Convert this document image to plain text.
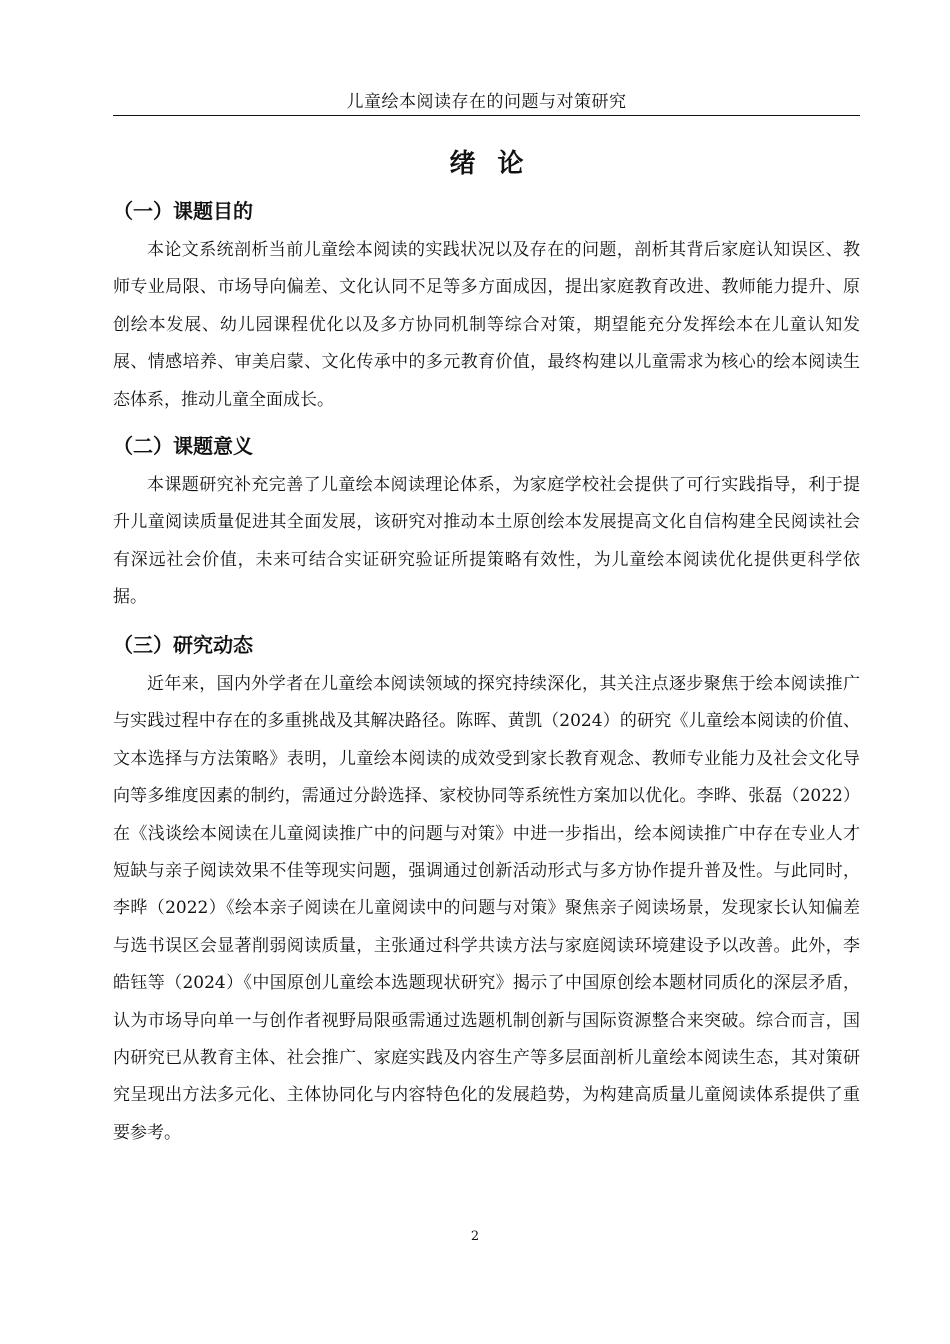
儿童绘本阅读存在的问题与对策研究
绪论
（一）课题目的

本论文系统剖析当前儿童绘本阅读的实践状况以及存在的问题，剖析其背后家庭认知误区、教师专业局限、市场导向偏差、文化认同不足等多方面成因，提出家庭教育改进、教师能力提升、原创绘本发展、幼儿园课程优化以及多方协同机制等综合对策，期望能充分发挥绘本在儿童认知发展、情感培养、审美启蒙、文化传承中的多元教育价值，最终构建以儿童需求为核心的绘本阅读生态体系，推动儿童全面成长。

（二）课题意义

本课题研究补充完善了儿童绘本阅读理论体系，为家庭学校社会提供了可行实践指导，利于提升儿童阅读质量促进其全面发展，该研究对推动本土原创绘本发展提高文化自信构建全民阅读社会有深远社会价值，未来可结合实证研究验证所提策略有效性，为儿童绘本阅读优化提供更科学依据。

（三）研究动态

近年来，国内外学者在儿童绘本阅读领域的探究持续深化，其关注点逐步聚焦于绘本阅读推广与实践过程中存在的多重挑战及其解决路径。陈晖、黄凯（2024）的研究《儿童绘本阅读的价值、文本选择与方法策略》表明，儿童绘本阅读的成效受到家长教育观念、教师专业能力及社会文化导向等多维度因素的制约，需通过分龄选择、家校协同等系统性方案加以优化。李晔、张磊（2022）在《浅谈绘本阅读在儿童阅读推广中的问题与对策》中进一步指出，绘本阅读推广中存在专业人才短缺与亲子阅读效果不佳等现实问题，强调通过创新活动形式与多方协作提升普及性。与此同时，李晔（2022）《绘本亲子阅读在儿童阅读中的问题与对策》聚焦亲子阅读场景，发现家长认知偏差与选书误区会显著削弱阅读质量，主张通过科学共读方法与家庭阅读环境建设予以改善。此外，李皓钰等（2024）《中国原创儿童绘本选题现状研究》揭示了中国原创绘本题材同质化的深层矛盾，认为市场导向单一与创作者视野局限亟需通过选题机制创新与国际资源整合来突破。综合而言，国内研究已从教育主体、社会推广、家庭实践及内容生产等多层面剖析儿童绘本阅读生态，其对策研究呈现出方法多元化、主体协同化与内容特色化的发展趋势，为构建高质量儿童阅读体系提供了重要参考。

2
